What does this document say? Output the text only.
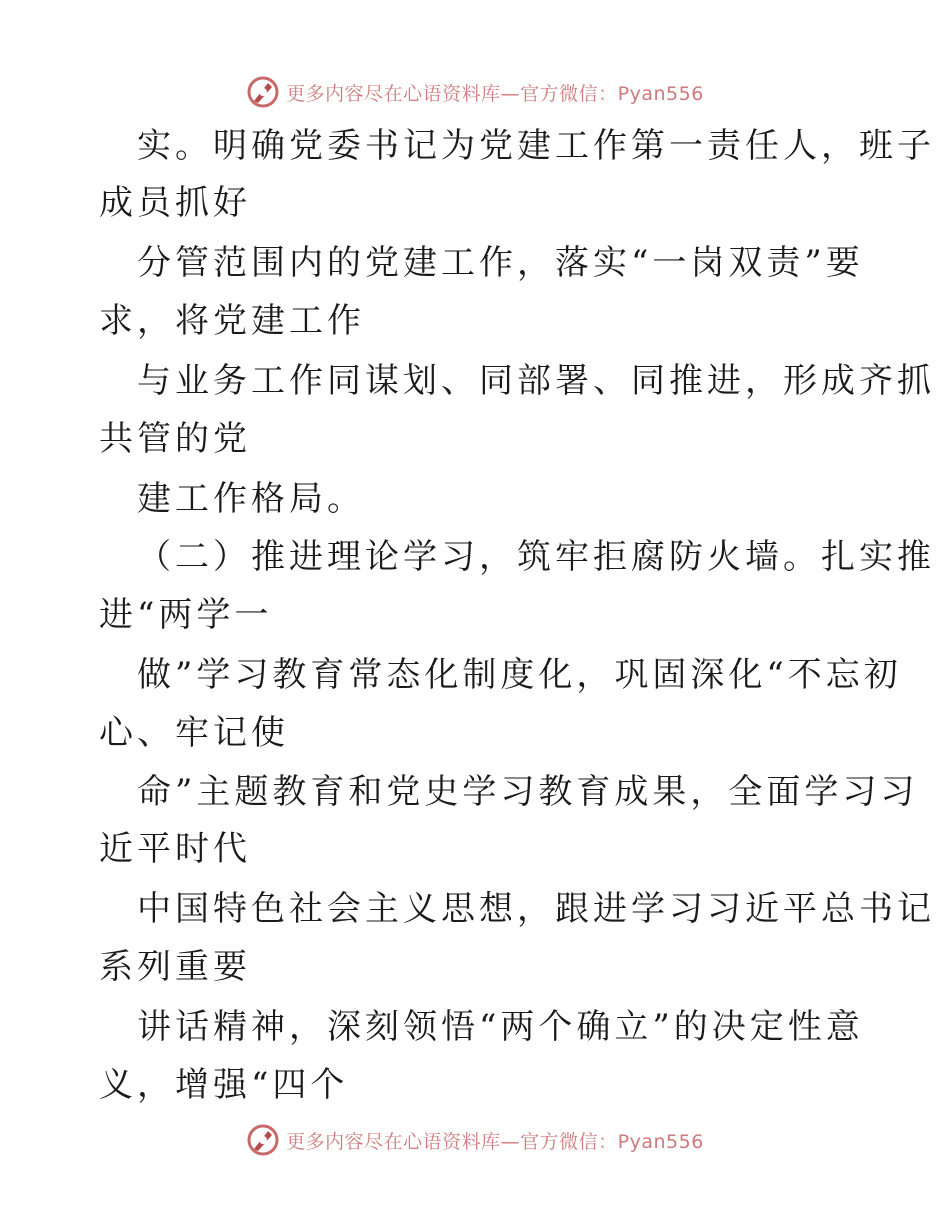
更多内容尽在心语资料库—官方微信：Pyan556
实。明确党委书记为党建工作第一责任人，班子
成员抓好
分管范围内的党建工作，落实“一岗双责”要
求，将党建工作
与业务工作同谋划、同部署、同推进，形成齐抓
共管的党
建工作格局。
（二）推进理论学习，筑牢拒腐防火墙。扎实推
进“两学一
做”学习教育常态化制度化，巩固深化“不忘初
心、牢记使
命”主题教育和党史学习教育成果，全面学习习
近平时代
中国特色社会主义思想，跟进学习习近平总书记
系列重要
讲话精神，深刻领悟“两个确立”的决定性意
义，增强“四个
更多内容尽在心语资料库—官方微信：Pyan556
